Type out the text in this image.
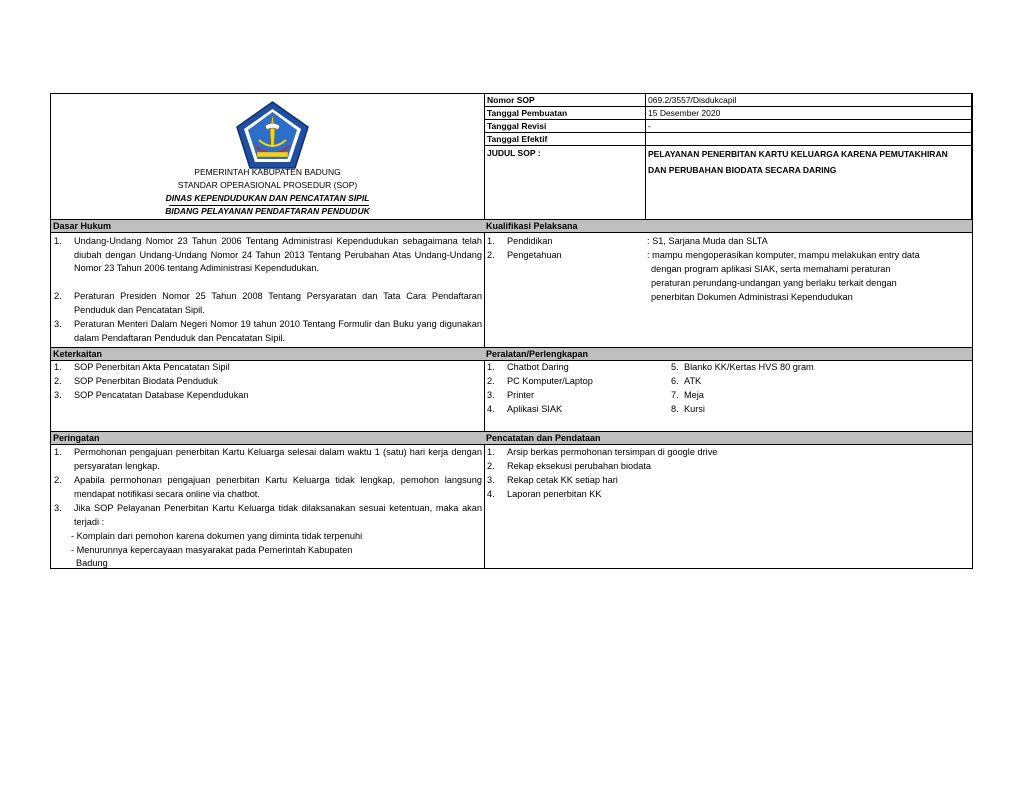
PEMERINTAH KABUPATEN BADUNG
STANDAR OPERASIONAL PROSEDUR (SOP)
DINAS KEPENDUDUKAN DAN PENCATATAN SIPIL
BIDANG PELAYANAN PENDAFTARAN PENDUDUK
Nomor SOP	069.2/3557/Disdukcapil
Tanggal Pembuatan	15 Desember 2020
Tanggal Revisi	-
Tanggal Efektif
JUDUL SOP :	PELAYANAN PENERBITAN KARTU KELUARGA KARENA PEMUTAKHIRAN
DAN PERUBAHAN BIODATA SECARA DARING
Dasar Hukum	Kualifikasi Pelaksana
1. Undang-Undang Nomor 23 Tahun 2006 Tentang Administrasi Kependudukan sebagaimana telah diubah dengan Undang-Undang Nomor 24 Tahun 2013 Tentang Perubahan Atas Undang-Undang Nomor 23 Tahun 2006 tentang Adiministrasi Kependudukan.
2. Peraturan Presiden Nomor 25 Tahun 2008 Tentang Persyaratan dan Tata Cara Pendaftaran Penduduk dan Pencatatan Sipil.
3. Peraturan Menteri Dalam Negeri Nomor 19 tahun 2010 Tentang Formulir dan Buku yang digunakan dalam Pendaftaran Penduduk dan Pencatatan Sipil.
1. Pendidikan	: S1, Sarjana Muda dan SLTA
2. Pengetahuan	: mampu mengoperasikan komputer, mampu melakukan entry data
dengan program aplikasi SIAK, serta memahami peraturan
peraturan perundang-undangan yang berlaku terkait dengan
penerbitan Dokumen Administrasi Kependudukan
Keterkaitan	Peralatan/Perlengkapan
1. SOP Penerbitan Akta Pencatatan Sipil
2. SOP Penerbitan Biodata Penduduk
3. SOP Pencatatan Database Kependudukan
1. Chatbot Daring
2. PC Komputer/Laptop
3. Printer
4. Aplikasi SIAK
5. Blanko KK/Kertas HVS 80 gram
6. ATK
7. Meja
8. Kursi
Peringatan	Pencatatan dan Pendataan
1. Permohonan pengajuan penerbitan Kartu Keluarga selesai dalam waktu 1 (satu) hari kerja dengan persyaratan lengkap.
2. Apabila permohonan pengajuan penerbitan Kartu Keluarga tidak lengkap, pemohon langsung mendapat notifikasi secara online via chatbot.
3. Jika SOP Pelayanan Penerbitan Kartu Keluarga tidak dilaksanakan sesuai ketentuan, maka akan terjadi :
- Komplain dari pemohon karena dokumen yang diminta tidak terpenuhi
- Menurunnya kepercayaan masyarakat pada Pemerintah Kabupaten
Badung
1. Arsip berkas permohonan tersimpan di google drive
2. Rekap eksekusi perubahan biodata
3. Rekap cetak KK setiap hari
4. Laporan penerbitan KK
